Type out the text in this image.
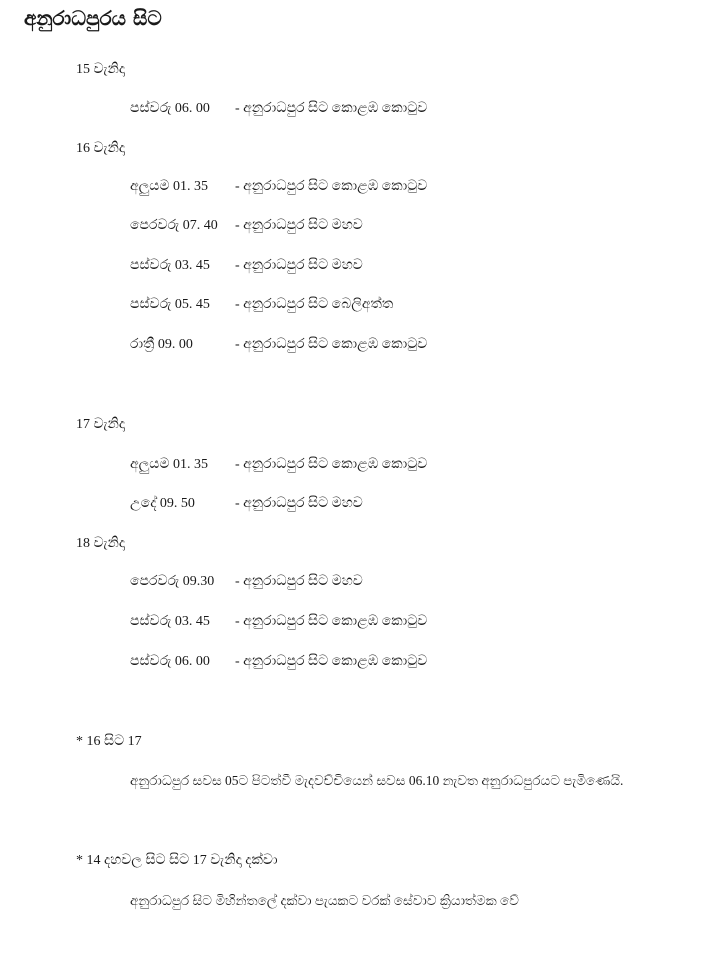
අනුරාධපුරය සිට
15 වැනිදා
පස්වරු 06. 00 - අනුරාධපුර සිට කොළඹ කොටුව
16 වැනිදා
අලුයම 01. 35 - අනුරාධපුර සිට කොළඹ කොටුව
පෙරවරු 07. 40 - අනුරාධපුර සිට මහව
පස්වරු 03. 45 - අනුරාධපුර සිට මහව
පස්වරු 05. 45 - අනුරාධපුර සිට බෙලිඅත්ත
රාත්‍රී 09. 00	- අනුරාධපුර සිට කොළඹ කොටුව
17 වැනිදා
අලුයම 01. 35 - අනුරාධපුර සිට කොළඹ කොටුව
උදේ 09. 50	- අනුරාධපුර සිට මහව
18 වැනිදා
පෙරවරු 09.30 - අනුරාධපුර සිට මහව
පස්වරු 03. 45 - අනුරාධපුර සිට කොළඹ කොටුව
පස්වරු 06. 00 - අනුරාධපුර සිට කොළඹ කොටුව
* 16 සිට 17
අනුරාධපුර සවස 05ට පිටත්වී මැදවච්චියෙන් සවස 06.10 නැවත අනුරාධපුරයට පැමිණෙයි.
* 14 දහවල සිට සිට 17 වැනිදා දක්වා
අනුරාධපුර සිට මිහින්තලේ දක්වා පැයකට වරක් සේවාව ක්‍රියාත්මක වේ
